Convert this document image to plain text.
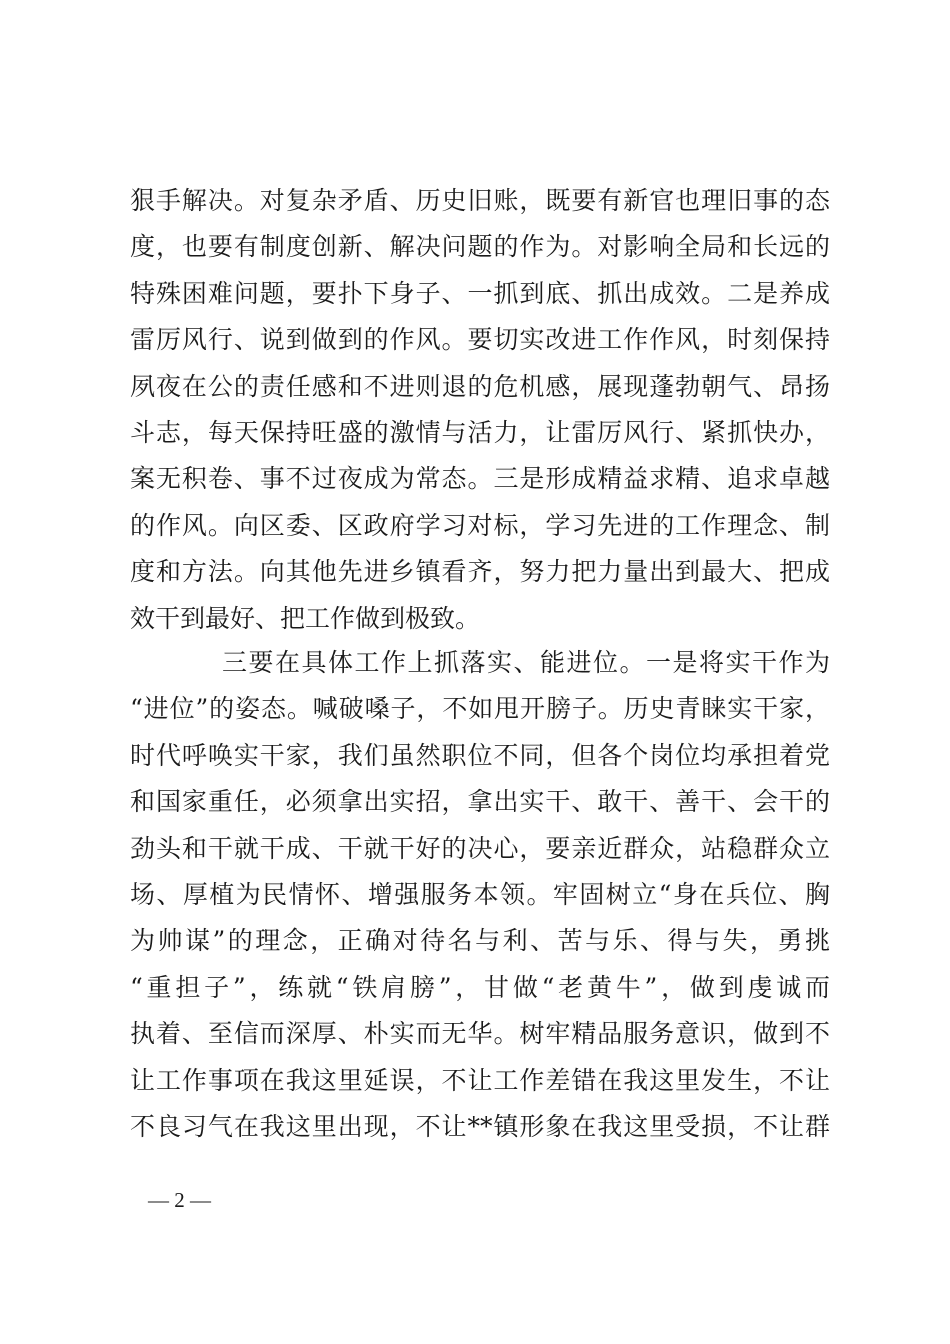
狠手解决。对复杂矛盾、历史旧账，既要有新官也理旧事的态
度，也要有制度创新、解决问题的作为。对影响全局和长远的
特殊困难问题，要扑下身子、一抓到底、抓出成效。二是养成
雷厉风行、说到做到的作风。要切实改进工作作风，时刻保持
夙夜在公的责任感和不进则退的危机感，展现蓬勃朝气、昂扬
斗志，每天保持旺盛的激情与活力，让雷厉风行、紧抓快办，
案无积卷、事不过夜成为常态。三是形成精益求精、追求卓越
的作风。向区委、区政府学习对标，学习先进的工作理念、制
度和方法。向其他先进乡镇看齐，努力把力量出到最大、把成
效干到最好、把工作做到极致。
三要在具体工作上抓落实、能进位。一是将实干作为
“进位”的姿态。喊破嗓子，不如甩开膀子。历史青睐实干家，
时代呼唤实干家，我们虽然职位不同，但各个岗位均承担着党
和国家重任，必须拿出实招，拿出实干、敢干、善干、会干的
劲头和干就干成、干就干好的决心，要亲近群众，站稳群众立
场、厚植为民情怀、增强服务本领。牢固树立“身在兵位、胸
为帅谋”的理念，正确对待名与利、苦与乐、得与失，勇挑
“重担子”，练就“铁肩膀”，甘做“老黄牛”，做到虔诚而
执着、至信而深厚、朴实而无华。树牢精品服务意识，做到不
让工作事项在我这里延误，不让工作差错在我这里发生，不让
不良习气在我这里出现，不让**镇形象在我这里受损，不让群
— 2 —
